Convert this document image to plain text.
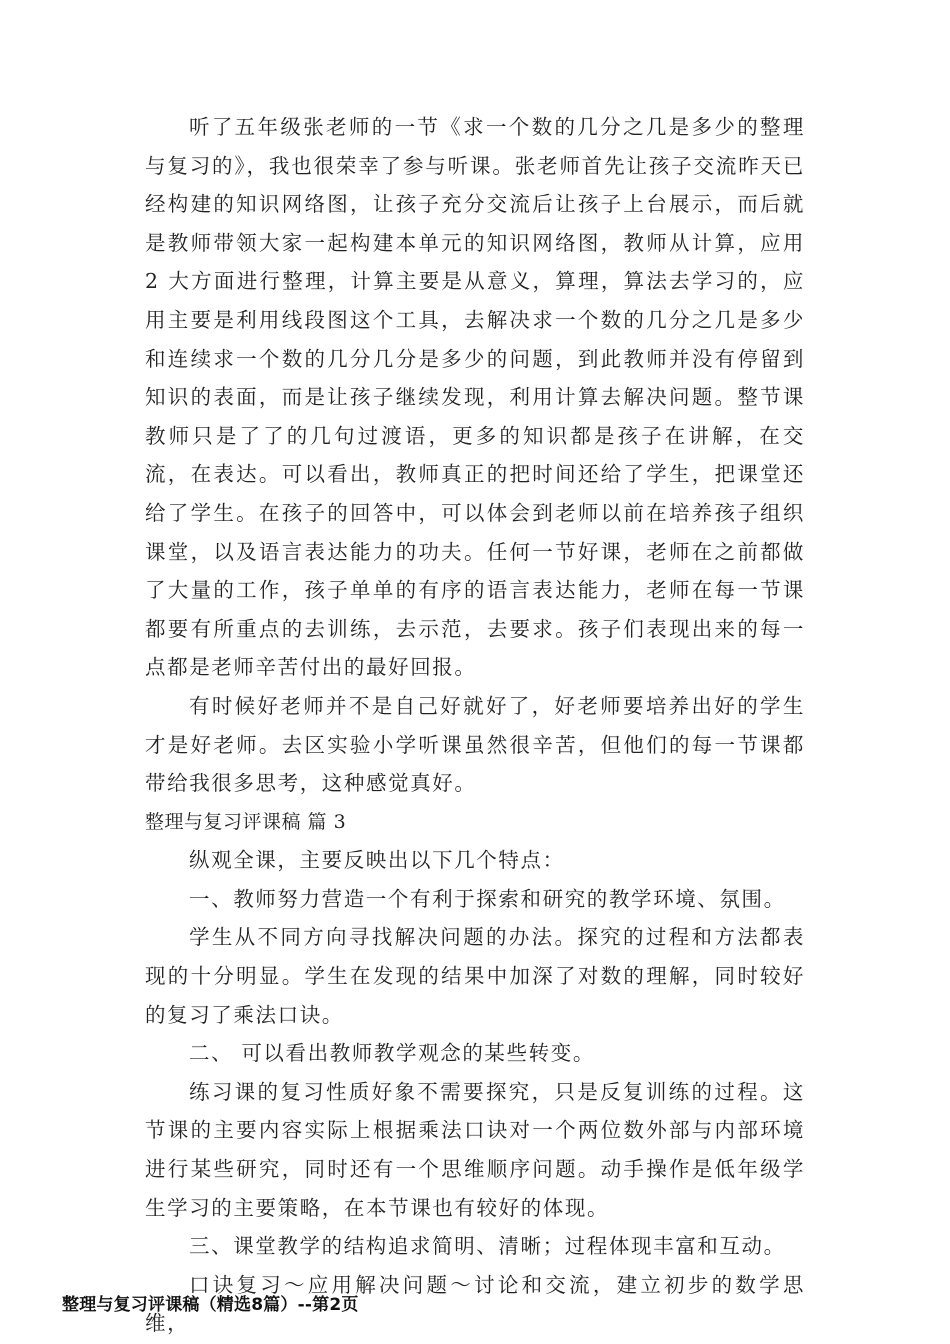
听了五年级张老师的一节《求一个数的几分之几是多少的整理与复习的》，我也很荣幸了参与听课。张老师首先让孩子交流昨天已经构建的知识网络图，让孩子充分交流后让孩子上台展示，而后就是教师带领大家一起构建本单元的知识网络图，教师从计算，应用 2 大方面进行整理，计算主要是从意义，算理，算法去学习的，应用主要是利用线段图这个工具，去解决求一个数的几分之几是多少和连续求一个数的几分几分是多少的问题，到此教师并没有停留到知识的表面，而是让孩子继续发现，利用计算去解决问题。整节课教师只是了了的几句过渡语，更多的知识都是孩子在讲解，在交流，在表达。可以看出，教师真正的把时间还给了学生，把课堂还给了学生。在孩子的回答中，可以体会到老师以前在培养孩子组织课堂，以及语言表达能力的功夫。任何一节好课，老师在之前都做了大量的工作，孩子单单的有序的语言表达能力，老师在每一节课都要有所重点的去训练，去示范，去要求。孩子们表现出来的每一点都是老师辛苦付出的最好回报。

有时候好老师并不是自己好就好了，好老师要培养出好的学生才是好老师。去区实验小学听课虽然很辛苦，但他们的每一节课都带给我很多思考，这种感觉真好。

整理与复习评课稿 篇 3

纵观全课，主要反映出以下几个特点：

一、教师努力营造一个有利于探索和研究的教学环境、氛围。

学生从不同方向寻找解决问题的办法。探究的过程和方法都表现的十分明显。学生在发现的结果中加深了对数的理解，同时较好的复习了乘法口诀。

二、 可以看出教师教学观念的某些转变。

练习课的复习性质好象不需要探究，只是反复训练的过程。这节课的主要内容实际上根据乘法口诀对一个两位数外部与内部环境进行某些研究，同时还有一个思维顺序问题。动手操作是低年级学生学习的主要策略，在本节课也有较好的体现。

三、课堂教学的结构追求简明、清晰；过程体现丰富和互动。

口诀复习～应用解决问题～讨论和交流，建立初步的数学思维，

整理与复习评课稿（精选8篇）--第2页
